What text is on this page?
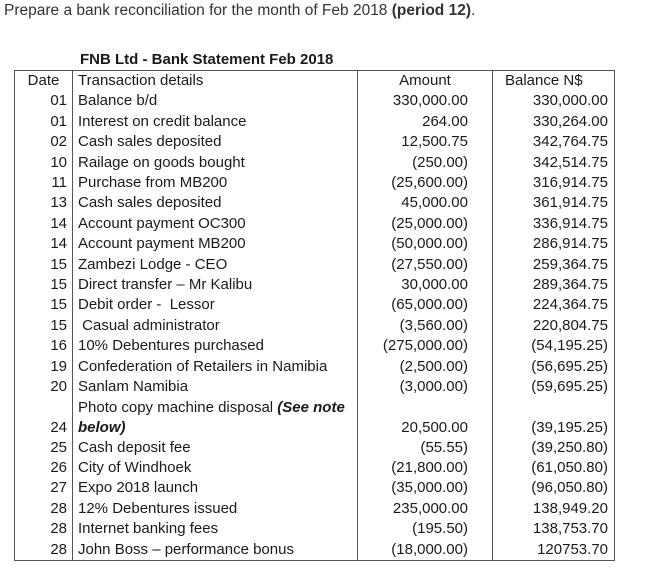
Prepare a bank reconciliation for the month of Feb 2018 (period 12).
FNB Ltd - Bank Statement Feb 2018
Date	Transaction details	Amount	Balance N$
01	Balance b/d	330,000.00	330,000.00
01	Interest on credit balance	264.00	330,264.00
02	Cash sales deposited	12,500.75	342,764.75
10	Railage on goods bought	(250.00)	342,514.75
11	Purchase from MB200	(25,600.00)	316,914.75
13	Cash sales deposited	45,000.00	361,914.75
14	Account payment OC300	(25,000.00)	336,914.75
14	Account payment MB200	(50,000.00)	286,914.75
15	Zambezi Lodge - CEO	(27,550.00)	259,364.75
15	Direct transfer – Mr Kalibu	30,000.00	289,364.75
15	Debit order -  Lessor	(65,000.00)	224,364.75
15	Casual administrator	(3,560.00)	220,804.75
16	10% Debentures purchased	(275,000.00)	(54,195.25)
19	Confederation of Retailers in Namibia	(2,500.00)	(56,695.25)
20	Sanlam Namibia	(3,000.00)	(59,695.25)
24	Photo copy machine disposal (See note below)	20,500.00	(39,195.25)
25	Cash deposit fee	(55.55)	(39,250.80)
26	City of Windhoek	(21,800.00)	(61,050.80)
27	Expo 2018 launch	(35,000.00)	(96,050.80)
28	12% Debentures issued	235,000.00	138,949.20
28	Internet banking fees	(195.50)	138,753.70
28	John Boss – performance bonus	(18,000.00)	120753.70
